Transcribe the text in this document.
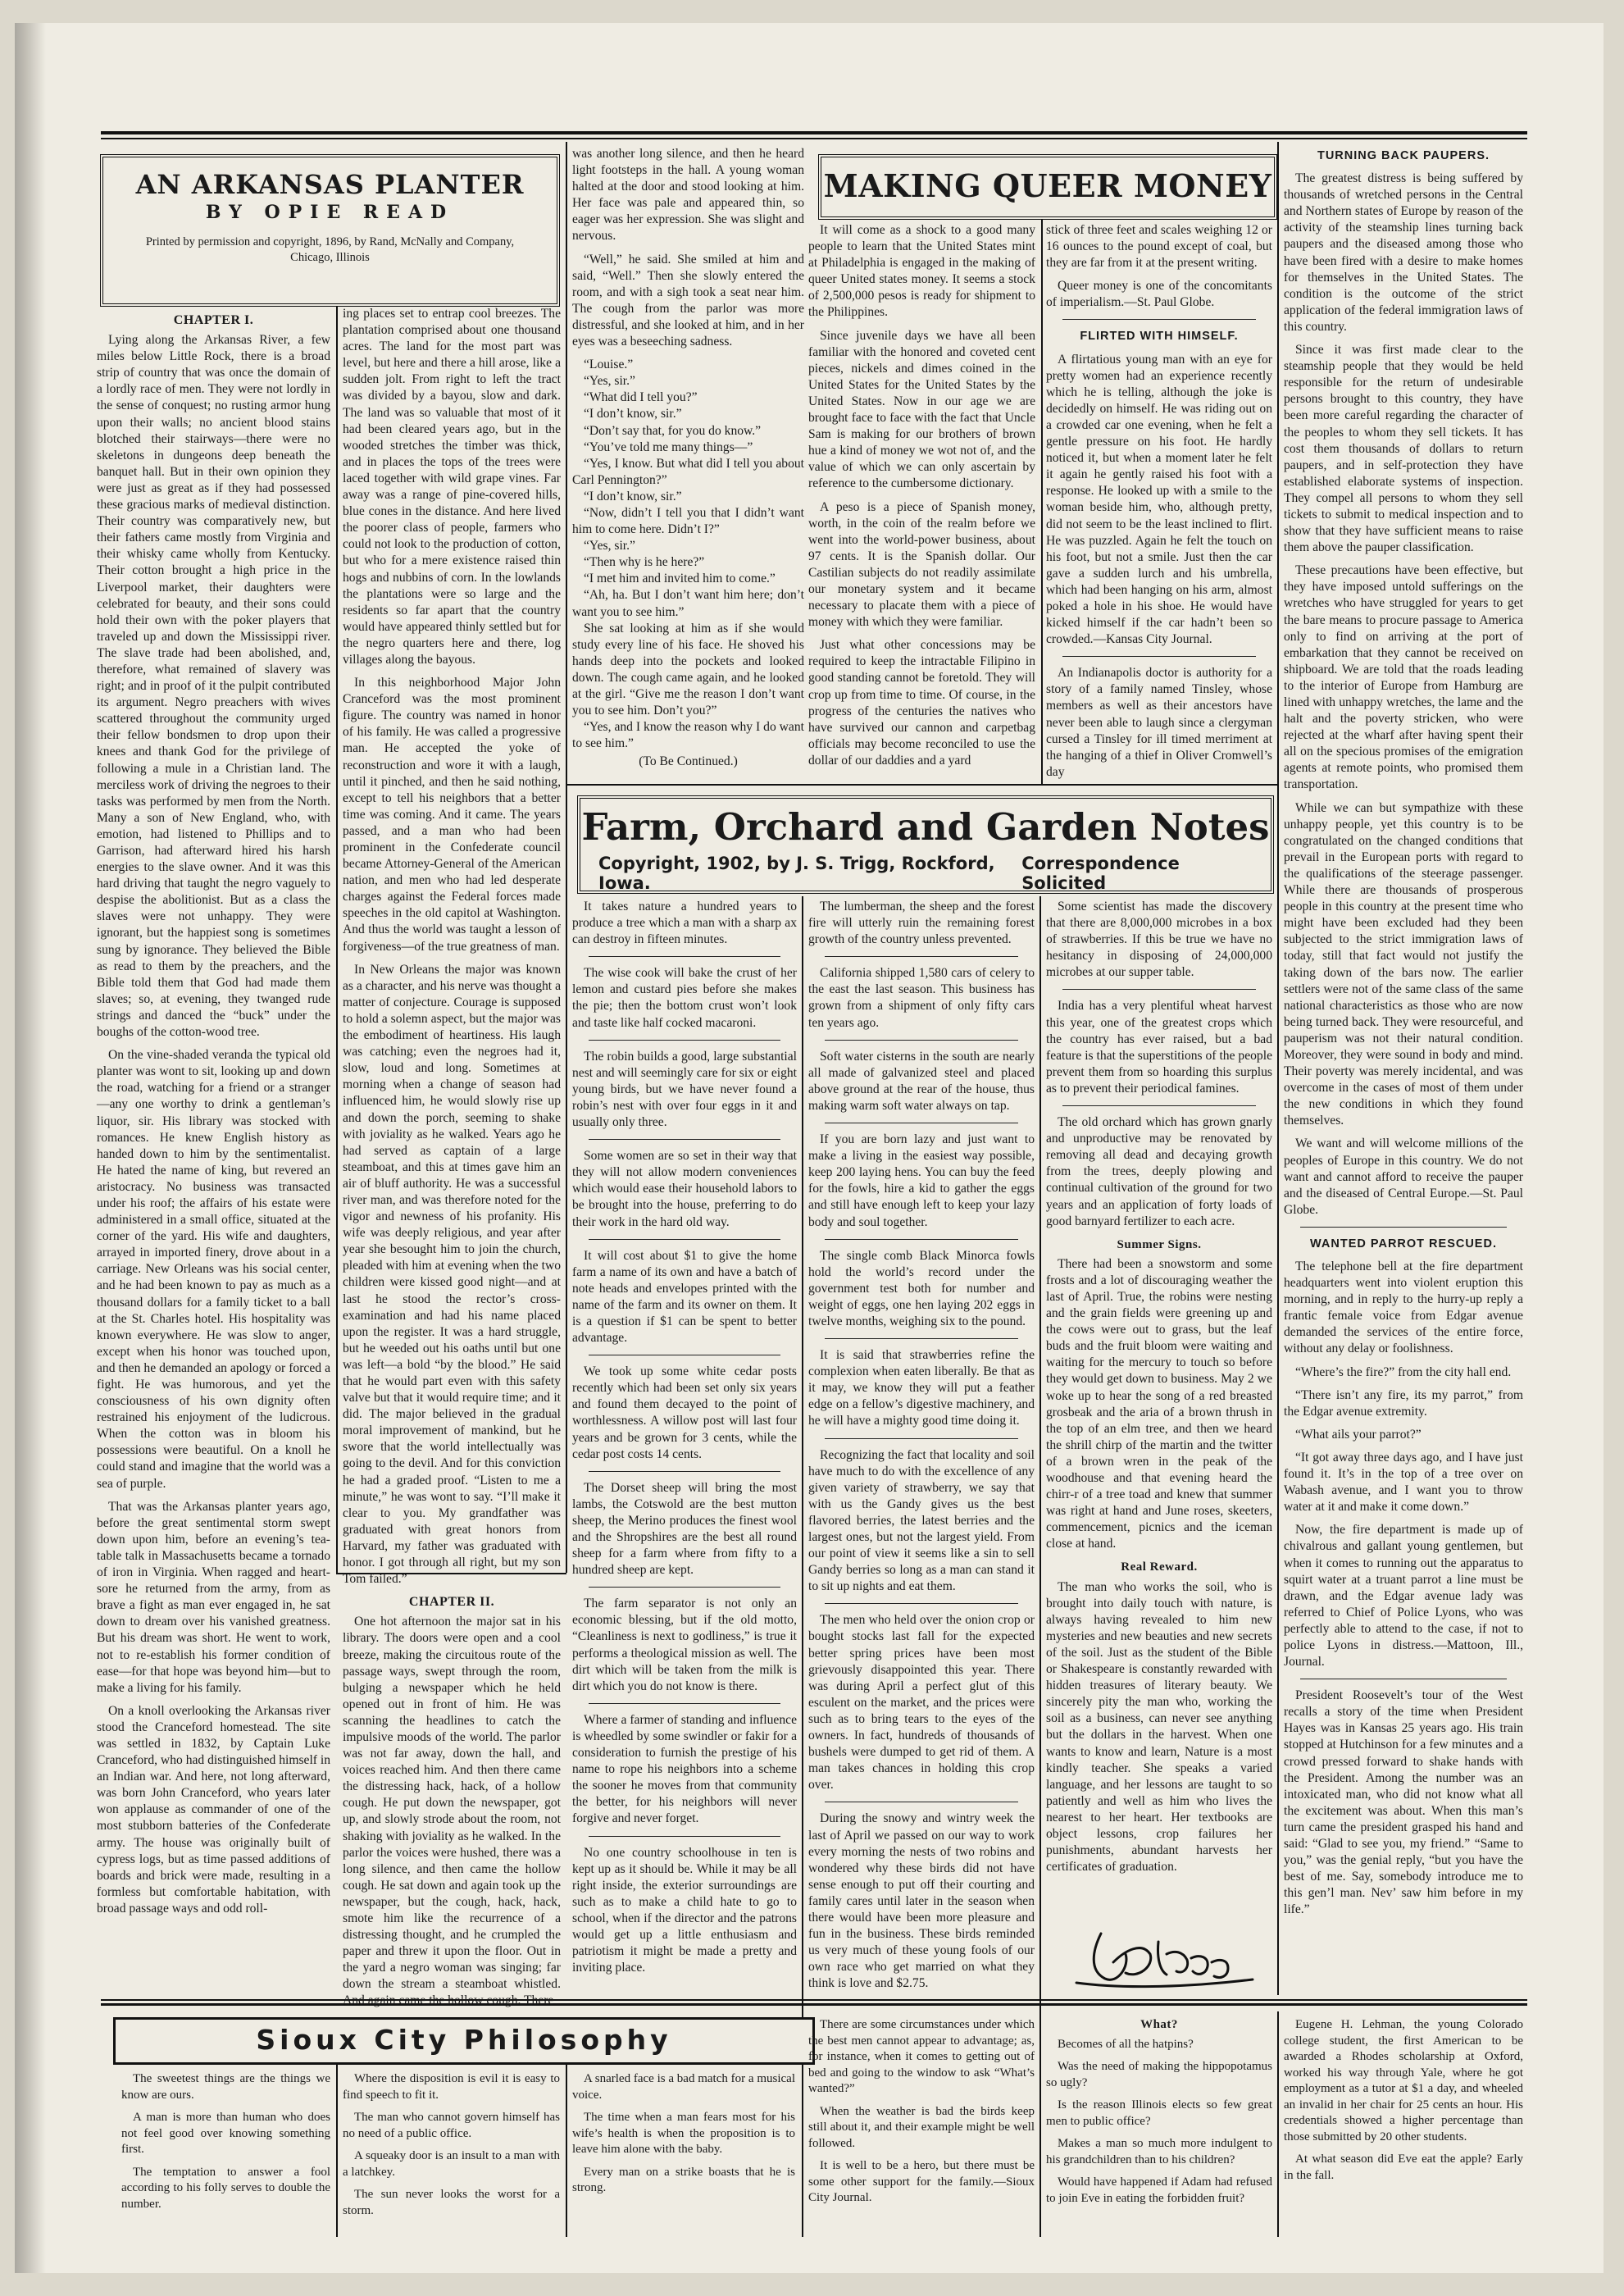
AN ARKANSAS PLANTER
BY OPIE READ
Printed by permission and copyright, 1896, by Rand, McNally and Company, Chicago, Illinois

CHAPTER I.

Lying along the Arkansas River, a few miles below Little Rock, there is a broad strip of country that was once the domain of a lordly race of men. They were not lordly in the sense of conquest; no rusting armor hung upon their walls; no ancient blood stains blotched their stairways—there were no skeletons in dungeons deep beneath the banquet hall. But in their own opinion they were just as great as if they had possessed these gracious marks of medieval distinction. Their country was comparatively new, but their fathers came mostly from Virginia and their whisky came wholly from Kentucky. Their cotton brought a high price in the Liverpool market, their daughters were celebrated for beauty, and their sons could hold their own with the poker players that traveled up and down the Mississippi river. The slave trade had been abolished, and, therefore, what remained of slavery was right; and in proof of it the pulpit contributed its argument. Negro preachers with wives scattered throughout the community urged their fellow bondsmen to drop upon their knees and thank God for the privilege of following a mule in a Christian land. The merciless work of driving the negroes to their tasks was performed by men from the North. Many a son of New England, who, with emotion, had listened to Phillips and to Garrison, had afterward hired his harsh energies to the slave owner. And it was this hard driving that taught the negro vaguely to despise the abolitionist. But as a class the slaves were not unhappy. They were ignorant, but the happiest song is sometimes sung by ignorance. They believed the Bible as read to them by the preachers, and the Bible told them that God had made them slaves; so, at evening, they twanged rude strings and danced the “buck” under the boughs of the cotton-wood tree.

On the vine-shaded veranda the typical old planter was wont to sit, looking up and down the road, watching for a friend or a stranger—any one worthy to drink a gentleman’s liquor, sir. His library was stocked with romances. He knew English history as handed down to him by the sentimentalist. He hated the name of king, but revered an aristocracy. No business was transacted under his roof; the affairs of his estate were administered in a small office, situated at the corner of the yard. His wife and daughters, arrayed in imported finery, drove about in a carriage. New Orleans was his social center, and he had been known to pay as much as a thousand dollars for a family ticket to a ball at the St. Charles hotel. His hospitality was known everywhere. He was slow to anger, except when his honor was touched upon, and then he demanded an apology or forced a fight. He was humorous, and yet the consciousness of his own dignity often restrained his enjoyment of the ludicrous. When the cotton was in bloom his possessions were beautiful. On a knoll he could stand and imagine that the world was a sea of purple.

That was the Arkansas planter years ago, before the great sentimental storm swept down upon him, before an evening’s tea-table talk in Massachusetts became a tornado of iron in Virginia. When ragged and heart-sore he returned from the army, from as brave a fight as man ever engaged in, he sat down to dream over his vanished greatness. But his dream was short. He went to work, not to re-establish his former condition of ease—for that hope was beyond him—but to make a living for his family.

On a knoll overlooking the Arkansas river stood the Cranceford homestead. The site was settled in 1832, by Captain Luke Cranceford, who had distinguished himself in an Indian war. And here, not long afterward, was born John Cranceford, who years later won applause as commander of one of the most stubborn batteries of the Confederate army. The house was originally built of cypress logs, but as time passed additions of boards and brick were made, resulting in a formless but comfortable habitation, with broad passage ways and odd roll-

ing places set to entrap cool breezes. The plantation comprised about one thousand acres. The land for the most part was level, but here and there a hill arose, like a sudden jolt. From right to left the tract was divided by a bayou, slow and dark. The land was so valuable that most of it had been cleared years ago, but in the wooded stretches the timber was thick, and in places the tops of the trees were laced together with wild grape vines. Far away was a range of pine-covered hills, blue cones in the distance. And here lived the poorer class of people, farmers who could not look to the production of cotton, but who for a mere existence raised thin hogs and nubbins of corn. In the lowlands the plantations were so large and the residents so far apart that the country would have appeared thinly settled but for the negro quarters here and there, log villages along the bayous.

In this neighborhood Major John Cranceford was the most prominent figure. The country was named in honor of his family. He was called a progressive man. He accepted the yoke of reconstruction and wore it with a laugh, until it pinched, and then he said nothing, except to tell his neighbors that a better time was coming. And it came. The years passed, and a man who had been prominent in the Confederate council became Attorney-General of the American nation, and men who had led desperate charges against the Federal forces made speeches in the old capitol at Washington. And thus the world was taught a lesson of forgiveness—of the true greatness of man.

In New Orleans the major was known as a character, and his nerve was thought a matter of conjecture. Courage is supposed to hold a solemn aspect, but the major was the embodiment of heartiness. His laugh was catching; even the negroes had it, slow, loud and long. Sometimes at morning when a change of season had influenced him, he would slowly rise up and down the porch, seeming to shake with joviality as he walked. Years ago he had served as captain of a large steamboat, and this at times gave him an air of bluff authority. He was a successful river man, and was therefore noted for the vigor and newness of his profanity. His wife was deeply religious, and year after year she besought him to join the church, pleaded with him at evening when the two children were kissed good night—and at last he stood the rector’s cross-examination and had his name placed upon the register. It was a hard struggle, but he weeded out his oaths until but one was left—a bold “by the blood.” He said that he would part even with this safety valve but that it would require time; and it did. The major believed in the gradual moral improvement of mankind, but he swore that the world intellectually was going to the devil. And for this conviction he had a graded proof. “Listen to me a minute,” he was wont to say. “I’ll make it clear to you. My grandfather was graduated with great honors from Harvard, my father was graduated with honor. I got through all right, but my son Tom failed.”

CHAPTER II.

One hot afternoon the major sat in his library. The doors were open and a cool breeze, making the circuitous route of the passage ways, swept through the room, bulging a newspaper which he held opened out in front of him. He was scanning the headlines to catch the impulsive moods of the world. The parlor was not far away, down the hall, and voices reached him. And then there came the distressing hack, hack, of a hollow cough. He put down the newspaper, got up, and slowly strode about the room, not shaking with joviality as he walked. In the parlor the voices were hushed, there was a long silence, and then came the hollow cough. He sat down and again took up the newspaper, but the cough, hack, hack, smote him like the recurrence of a distressing thought, and he crumpled the paper and threw it upon the floor. Out in the yard a negro woman was singing; far down the stream a steamboat whistled. And again came the hollow cough. There

was another long silence, and then he heard light footsteps in the hall. A young woman halted at the door and stood looking at him. Her face was pale and appeared thin, so eager was her expression. She was slight and nervous.

“Well,” he said. She smiled at him and said, “Well.” Then she slowly entered the room, and with a sigh took a seat near him. The cough from the parlor was more distressful, and she looked at him, and in her eyes was a beseeching sadness.

“Louise.”

“Yes, sir.”

“What did I tell you?”

“I don’t know, sir.”

“Don’t say that, for you do know.”

“You’ve told me many things—”

“Yes, I know. But what did I tell you about Carl Pennington?”

“I don’t know, sir.”

“Now, didn’t I tell you that I didn’t want him to come here. Didn’t I?”

“Yes, sir.”

“Then why is he here?”

“I met him and invited him to come.”

“Ah, ha. But I don’t want him here; don’t want you to see him.”

She sat looking at him as if she would study every line of his face. He shoved his hands deep into the pockets and looked down. The cough came again, and he looked at the girl. “Give me the reason I don’t want you to see him. Don’t you?”

“Yes, and I know the reason why I do want to see him.”

(To Be Continued.)

MAKING QUEER MONEY

It will come as a shock to a good many people to learn that the United States mint at Philadelphia is engaged in the making of queer United states money. It seems a stock of 2,500,000 pesos is ready for shipment to the Philippines.

Since juvenile days we have all been familiar with the honored and coveted cent pieces, nickels and dimes coined in the United States for the United States by the United States. Now in our age we are brought face to face with the fact that Uncle Sam is making for our brothers of brown hue a kind of money we wot not of, and the value of which we can only ascertain by reference to the cumbersome dictionary.

A peso is a piece of Spanish money, worth, in the coin of the realm before we went into the world-power business, about 97 cents. It is the Spanish dollar. Our Castilian subjects do not readily assimilate our monetary system and it became necessary to placate them with a piece of money with which they were familiar.

Just what other concessions may be required to keep the intractable Filipino in good standing cannot be foretold. They will crop up from time to time. Of course, in the progress of the centuries the natives who have survived our cannon and carpetbag officials may become reconciled to use the dollar of our daddies and a yard

stick of three feet and scales weighing 12 or 16 ounces to the pound except of coal, but they are far from it at the present writing.

Queer money is one of the concomitants of imperialism.—St. Paul Globe.

FLIRTED WITH HIMSELF.

A flirtatious young man with an eye for pretty women had an experience recently which he is telling, although the joke is decidedly on himself. He was riding out on a crowded car one evening, when he felt a gentle pressure on his foot. He hardly noticed it, but when a moment later he felt it again he gently raised his foot with a response. He looked up with a smile to the woman beside him, who, although pretty, did not seem to be the least inclined to flirt. He was puzzled. Again he felt the touch on his foot, but not a smile. Just then the car gave a sudden lurch and his umbrella, which had been hanging on his arm, almost poked a hole in his shoe. He would have kicked himself if the car hadn’t been so crowded.—Kansas City Journal.

An Indianapolis doctor is authority for a story of a family named Tinsley, whose members as well as their ancestors have never been able to laugh since a clergyman cursed a Tinsley for ill timed merriment at the hanging of a thief in Oliver Cromwell’s day

TURNING BACK PAUPERS.

The greatest distress is being suffered by thousands of wretched persons in the Central and Northern states of Europe by reason of the activity of the steamship lines turning back paupers and the diseased among those who have been fired with a desire to make homes for themselves in the United States. The condition is the outcome of the strict application of the federal immigration laws of this country.

Since it was first made clear to the steamship people that they would be held responsible for the return of undesirable persons brought to this country, they have been more careful regarding the character of the peoples to whom they sell tickets. It has cost them thousands of dollars to return paupers, and in self-protection they have established elaborate systems of inspection. They compel all persons to whom they sell tickets to submit to medical inspection and to show that they have sufficient means to raise them above the pauper classification.

These precautions have been effective, but they have imposed untold sufferings on the wretches who have struggled for years to get the bare means to procure passage to America only to find on arriving at the port of embarkation that they cannot be received on shipboard. We are told that the roads leading to the interior of Europe from Hamburg are lined with unhappy wretches, the lame and the halt and the poverty stricken, who were rejected at the wharf after having spent their all on the specious promises of the emigration agents at remote points, who promised them transportation.

While we can but sympathize with these unhappy people, yet this country is to be congratulated on the changed conditions that prevail in the European ports with regard to the qualifications of the steerage passenger. While there are thousands of prosperous people in this country at the present time who might have been excluded had they been subjected to the strict immigration laws of today, still that fact would not justify the taking down of the bars now. The earlier settlers were not of the same class of the same national characteristics as those who are now being turned back. They were resourceful, and pauperism was not their natural condition. Moreover, they were sound in body and mind. Their poverty was merely incidental, and was overcome in the cases of most of them under the new conditions in which they found themselves.

We want and will welcome millions of the peoples of Europe in this country. We do not want and cannot afford to receive the pauper and the diseased of Central Europe.—St. Paul Globe.

WANTED PARROT RESCUED.

The telephone bell at the fire department headquarters went into violent eruption this morning, and in reply to the hurry-up reply a frantic female voice from Edgar avenue demanded the services of the entire force, without any delay or foolishness.

“Where’s the fire?” from the city hall end.

“There isn’t any fire, its my parrot,” from the Edgar avenue extremity.

“What ails your parrot?”

“It got away three days ago, and I have just found it. It’s in the top of a tree over on Wabash avenue, and I want you to throw water at it and make it come down.”

Now, the fire department is made up of chivalrous and gallant young gentlemen, but when it comes to running out the apparatus to squirt water at a truant parrot a line must be drawn, and the Edgar avenue lady was referred to Chief of Police Lyons, who was perfectly able to attend to the case, if not to police Lyons in distress.—Mattoon, Ill., Journal.

President Roosevelt’s tour of the West recalls a story of the time when President Hayes was in Kansas 25 years ago. His train stopped at Hutchinson for a few minutes and a crowd pressed forward to shake hands with the President. Among the number was an intoxicated man, who did not know what all the excitement was about. When this man’s turn came the president grasped his hand and said: “Glad to see you, my friend.” “Same to you,” was the genial reply, “but you have the best of me. Say, somebody introduce me to this gen’l man. Nev’ saw him before in my life.”

Farm, Orchard and Garden Notes
Copyright, 1902, by J. S. Trigg, Rockford, Iowa.
Correspondence Solicited

It takes nature a hundred years to produce a tree which a man with a sharp ax can destroy in fifteen minutes.

The wise cook will bake the crust of her lemon and custard pies before she makes the pie; then the bottom crust won’t look and taste like half cocked macaroni.

The robin builds a good, large substantial nest and will seemingly care for six or eight young birds, but we have never found a robin’s nest with over four eggs in it and usually only three.

Some women are so set in their way that they will not allow modern conveniences which would ease their household labors to be brought into the house, preferring to do their work in the hard old way.

It will cost about $1 to give the home farm a name of its own and have a batch of note heads and envelopes printed with the name of the farm and its owner on them. It is a question if $1 can be spent to better advantage.

We took up some white cedar posts recently which had been set only six years and found them decayed to the point of worthlessness. A willow post will last four years and be grown for 3 cents, while the cedar post costs 14 cents.

The Dorset sheep will bring the most lambs, the Cotswold are the best mutton sheep, the Merino produces the finest wool and the Shropshires are the best all round sheep for a farm where from fifty to a hundred sheep are kept.

The farm separator is not only an economic blessing, but if the old motto, “Cleanliness is next to godliness,” is true it performs a theological mission as well. The dirt which will be taken from the milk is dirt which you do not know is there.

Where a farmer of standing and influence is wheedled by some swindler or fakir for a consideration to furnish the prestige of his name to rope his neighbors into a scheme the sooner he moves from that community the better, for his neighbors will never forgive and never forget.

No one country schoolhouse in ten is kept up as it should be. While it may be all right inside, the exterior surroundings are such as to make a child hate to go to school, when if the director and the patrons would get up a little enthusiasm and patriotism it might be made a pretty and inviting place.

The lumberman, the sheep and the forest fire will utterly ruin the remaining forest growth of the country unless prevented.

California shipped 1,580 cars of celery to the east the last season. This business has grown from a shipment of only fifty cars ten years ago.

Soft water cisterns in the south are nearly all made of galvanized steel and placed above ground at the rear of the house, thus making warm soft water always on tap.

If you are born lazy and just want to make a living in the easiest way possible, keep 200 laying hens. You can buy the feed for the fowls, hire a kid to gather the eggs and still have enough left to keep your lazy body and soul together.

The single comb Black Minorca fowls hold the world’s record under the government test both for number and weight of eggs, one hen laying 202 eggs in twelve months, weighing six to the pound.

It is said that strawberries refine the complexion when eaten liberally. Be that as it may, we know they will put a feather edge on a fellow’s digestive machinery, and he will have a mighty good time doing it.

Recognizing the fact that locality and soil have much to do with the excellence of any given variety of strawberry, we say that with us the Gandy gives us the best flavored berries, the latest berries and the largest ones, but not the largest yield. From our point of view it seems like a sin to sell Gandy berries so long as a man can stand it to sit up nights and eat them.

The men who held over the onion crop or bought stocks last fall for the expected better spring prices have been most grievously disappointed this year. There was during April a perfect glut of this esculent on the market, and the prices were such as to bring tears to the eyes of the owners. In fact, hundreds of thousands of bushels were dumped to get rid of them. A man takes chances in holding this crop over.

During the snowy and wintry week the last of April we passed on our way to work every morning the nests of two robins and wondered why these birds did not have sense enough to put off their courting and family cares until later in the season when there would have been more pleasure and fun in the business. These birds reminded us very much of these young fools of our own race who get married on what they think is love and $2.75.

Some scientist has made the discovery that there are 8,000,000 microbes in a box of strawberries. If this be true we have no hesitancy in disposing of 24,000,000 microbes at our supper table.

India has a very plentiful wheat harvest this year, one of the greatest crops which the country has ever raised, but a bad feature is that the superstitions of the people prevent them from so hoarding this surplus as to prevent their periodical famines.

The old orchard which has grown gnarly and unproductive may be renovated by removing all dead and decaying growth from the trees, deeply plowing and continual cultivation of the ground for two years and an application of forty loads of good barnyard fertilizer to each acre.

Summer Signs.

There had been a snowstorm and some frosts and a lot of discouraging weather the last of April. True, the robins were nesting and the grain fields were greening up and the cows were out to grass, but the leaf buds and the fruit bloom were waiting and waiting for the mercury to touch so before they would get down to business. May 2 we woke up to hear the song of a red breasted grosbeak and the aria of a brown thrush in the top of an elm tree, and then we heard the shrill chirp of the martin and the twitter of a brown wren in the peak of the woodhouse and that evening heard the chirr-r of a tree toad and knew that summer was right at hand and June roses, skeeters, commencement, picnics and the iceman close at hand.

Real Reward.

The man who works the soil, who is brought into daily touch with nature, is always having revealed to him new mysteries and new beauties and new secrets of the soil. Just as the student of the Bible or Shakespeare is constantly rewarded with hidden treasures of literary beauty. We sincerely pity the man who, working the soil as a business, can never see anything but the dollars in the harvest. When one wants to know and learn, Nature is a most kindly teacher. She speaks a varied language, and her lessons are taught to so patiently and well as him who lives the nearest to her heart. Her textbooks are object lessons, crop failures her punishments, abundant harvests her certificates of graduation.

Sioux City Philosophy

The sweetest things are the things we know are ours.

A man is more than human who does not feel good over knowing something first.

The temptation to answer a fool according to his folly serves to double the number.

Where the disposition is evil it is easy to find speech to fit it.

The man who cannot govern himself has no need of a public office.

A squeaky door is an insult to a man with a latchkey.

The sun never looks the worst for a storm.

A snarled face is a bad match for a musical voice.

The time when a man fears most for his wife’s health is when the proposition is to leave him alone with the baby.

Every man on a strike boasts that he is strong.

There are some circumstances under which the best men cannot appear to advantage; as, for instance, when it comes to getting out of bed and going to the window to ask “What’s wanted?”

When the weather is bad the birds keep still about it, and their example might be well followed.

It is well to be a hero, but there must be some other support for the family.—Sioux City Journal.

What?

Becomes of all the hatpins?

Was the need of making the hippopotamus so ugly?

Is the reason Illinois elects so few great men to public office?

Makes a man so much more indulgent to his grandchildren than to his children?

Would have happened if Adam had refused to join Eve in eating the forbidden fruit?

Eugene H. Lehman, the young Colorado college student, the first American to be awarded a Rhodes scholarship at Oxford, worked his way through Yale, where he got employment as a tutor at $1 a day, and wheeled an invalid in her chair for 25 cents an hour. His credentials showed a higher percentage than those submitted by 20 other students.

At what season did Eve eat the apple? Early in the fall.
